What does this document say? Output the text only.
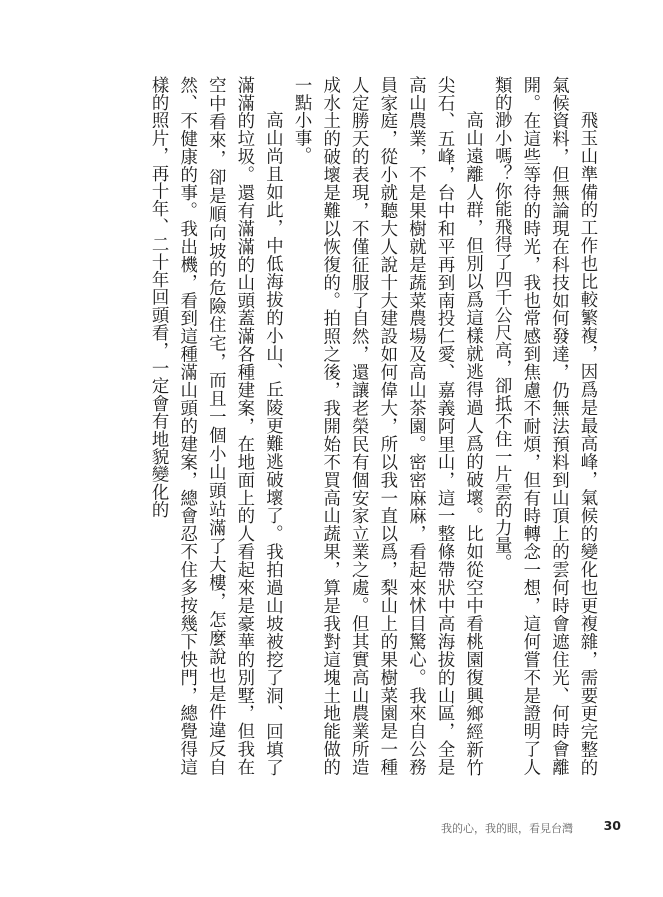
飛玉山準備的工作也比較繁複，因爲是最高峰，氣候的變化也更複雜，需要更完整的氣候資料，但無論現在科技如何發達，仍無法預料到山頂上的雲何時會遮住光、何時會離開。在這些等待的時光，我也常感到焦慮不耐煩，但有時轉念一想，這何嘗不是證明了人類的渺小嗎？你能飛得了四千公尺高，卻抵不住一片雲的力量。

高山遠離人群，但別以爲這樣就逃得過人爲的破壞。比如從空中看桃園復興鄉經新竹尖石、五峰，台中和平再到南投仁愛、嘉義阿里山，這一整條帶狀中高海拔的山區，全是高山農業，不是果樹就是蔬菜農場及高山茶園。密密麻麻，看起來怵目驚心。我來自公務員家庭，從小就聽大人說十大建設如何偉大，所以我一直以爲，梨山上的果樹菜園是一種人定勝天的表現，不僅征服了自然，還讓老榮民有個安家立業之處。但其實高山農業所造成水土的破壞是難以恢復的。拍照之後，我開始不買高山蔬果，算是我對這塊土地能做的一點小事。

高山尚且如此，中低海拔的小山、丘陵更難逃破壞了。我拍過山坡被挖了洞、回填了滿滿的垃圾。還有滿滿的山頭蓋滿各種建案，在地面上的人看起來是豪華的別墅，但我在空中看來，卻是順向坡的危險住宅，而且一個小山頭站滿了大樓，怎麼說也是件違反自然、不健康的事。我出機，看到這種滿山頭的建案，總會忍不住多按幾下快門，總覺得這樣的照片，再十年、二十年回頭看，一定會有地貌變化的

我的心，我的眼，看見台灣 30
